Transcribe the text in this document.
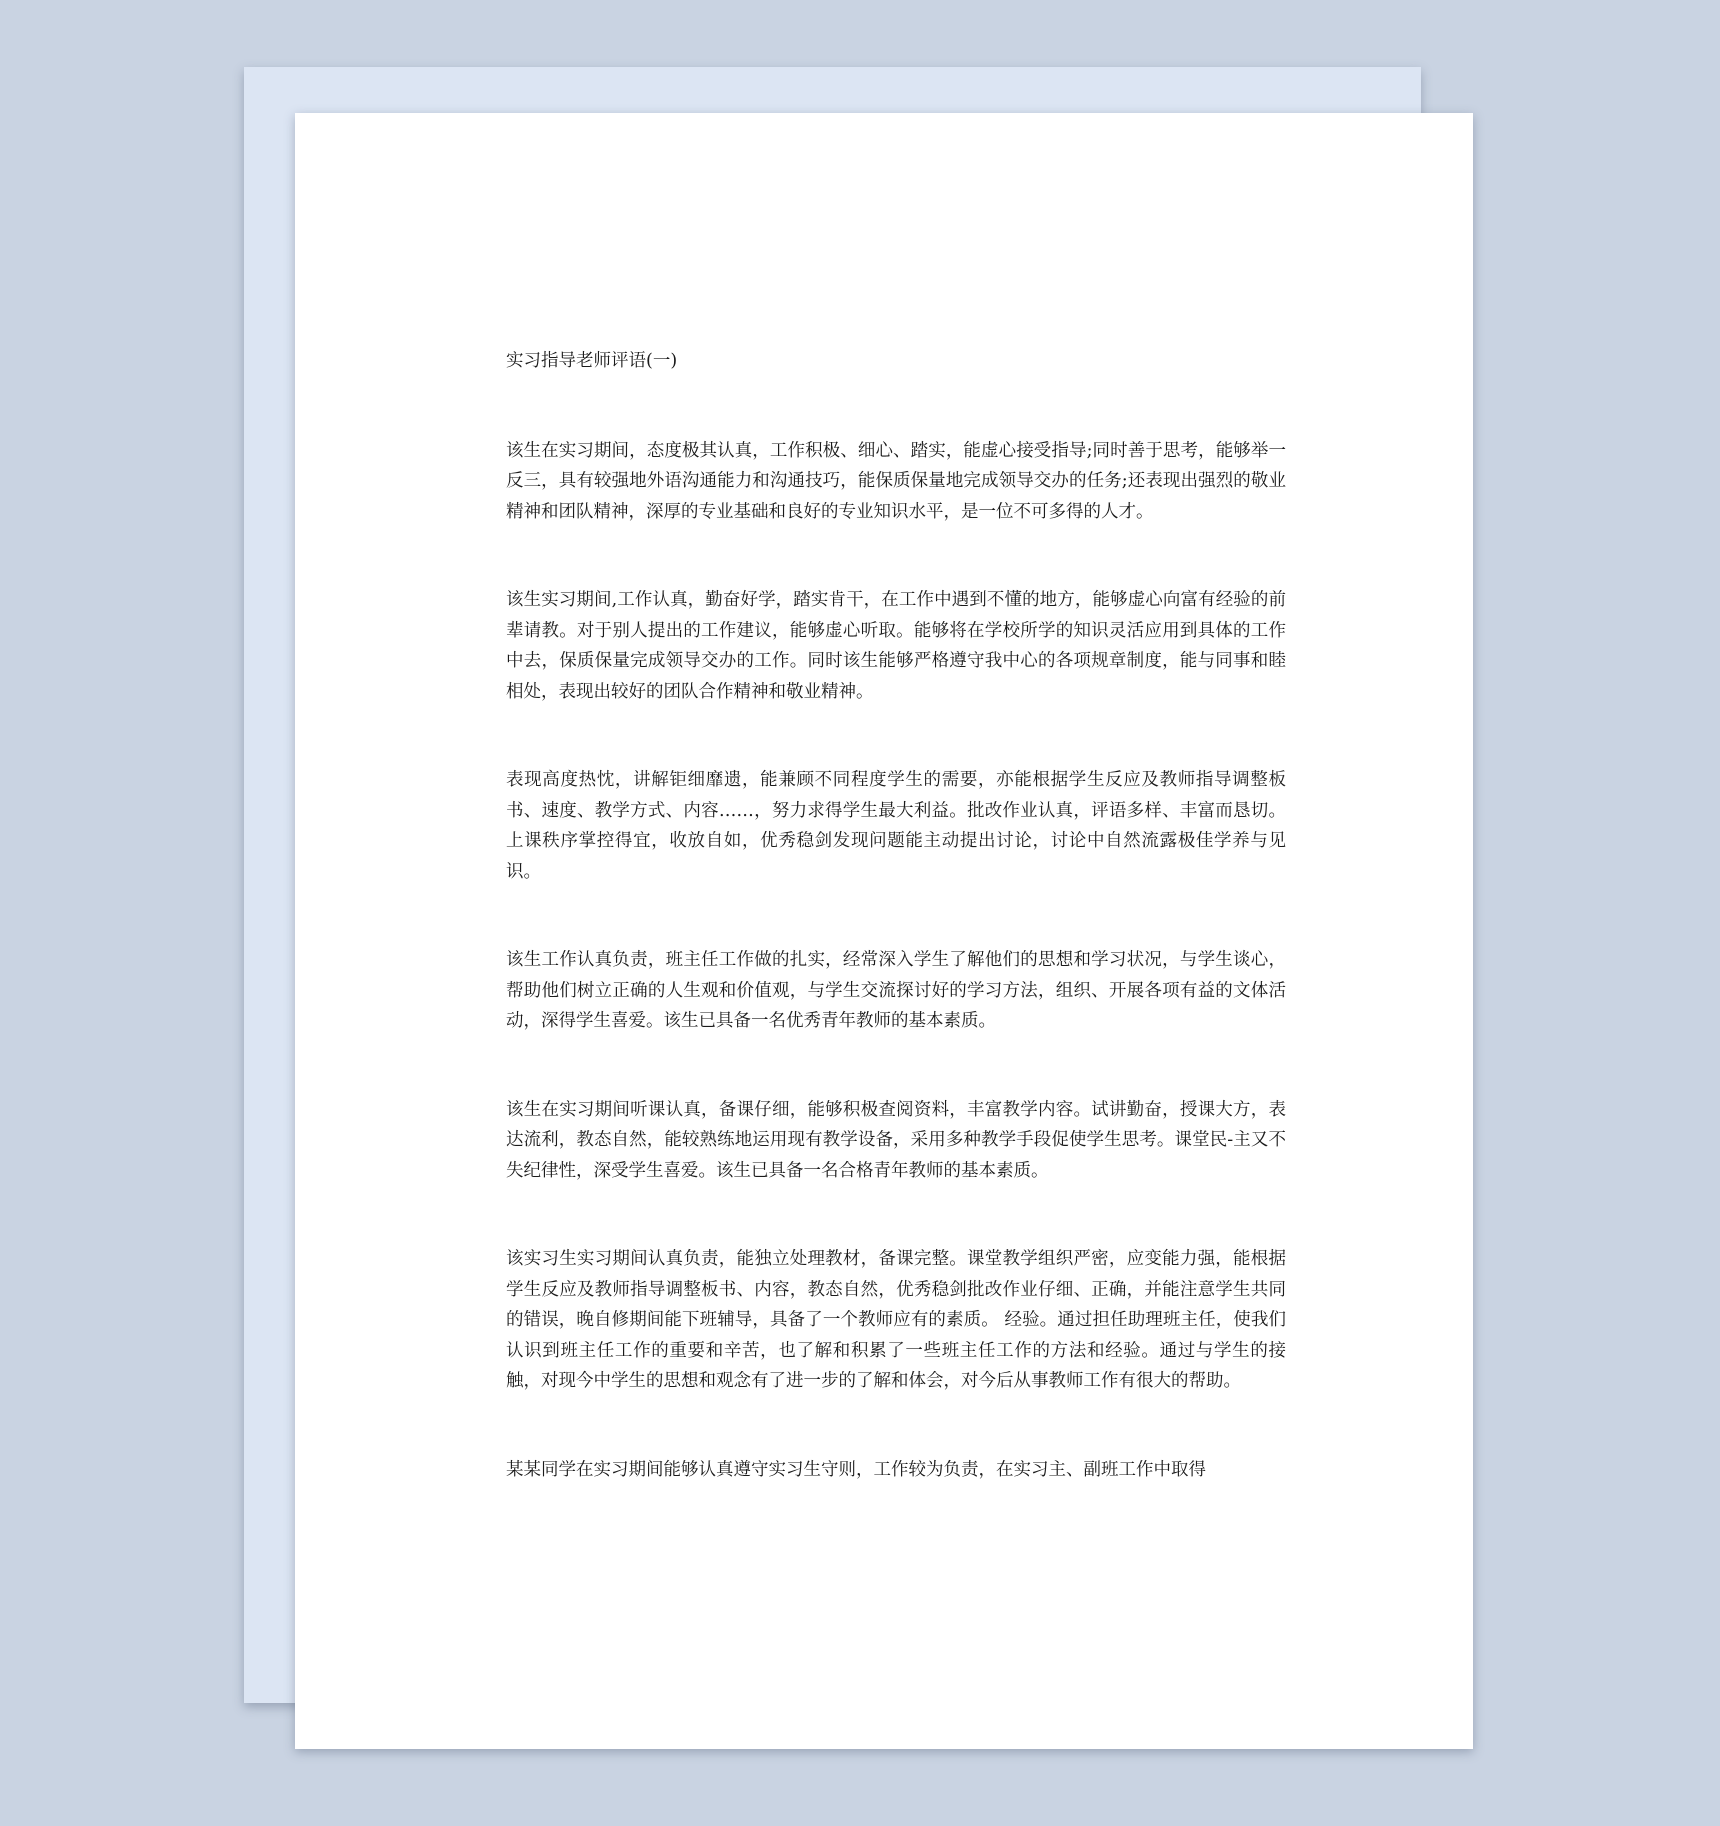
实习指导老师评语(一)

该生在实习期间，态度极其认真，工作积极、细心、踏实，能虚心接受指导;同时善于思考，能够举一反三，具有较强地外语沟通能力和沟通技巧，能保质保量地完成领导交办的任务;还表现出强烈的敬业精神和团队精神，深厚的专业基础和良好的专业知识水平，是一位不可多得的人才。

该生实习期间,工作认真，勤奋好学，踏实肯干，在工作中遇到不懂的地方，能够虚心向富有经验的前辈请教。对于别人提出的工作建议，能够虚心听取。能够将在学校所学的知识灵活应用到具体的工作中去，保质保量完成领导交办的工作。同时该生能够严格遵守我中心的各项规章制度，能与同事和睦相处，表现出较好的团队合作精神和敬业精神。

表现高度热忱，讲解钜细靡遗，能兼顾不同程度学生的需要，亦能根据学生反应及教师指导调整板书、速度、教学方式、内容……，努力求得学生最大利益。批改作业认真，评语多样、丰富而恳切。上课秩序掌控得宜，收放自如，优秀稳剑发现问题能主动提出讨论，讨论中自然流露极佳学养与见识。

该生工作认真负责，班主任工作做的扎实，经常深入学生了解他们的思想和学习状况，与学生谈心，帮助他们树立正确的人生观和价值观，与学生交流探讨好的学习方法，组织、开展各项有益的文体活动，深得学生喜爱。该生已具备一名优秀青年教师的基本素质。

该生在实习期间听课认真，备课仔细，能够积极查阅资料，丰富教学内容。试讲勤奋，授课大方，表达流利，教态自然，能较熟练地运用现有教学设备，采用多种教学手段促使学生思考。课堂民-主又不失纪律性，深受学生喜爱。该生已具备一名合格青年教师的基本素质。

该实习生实习期间认真负责，能独立处理教材，备课完整。课堂教学组织严密，应变能力强，能根据学生反应及教师指导调整板书、内容，教态自然，优秀稳剑批改作业仔细、正确，并能注意学生共同的错误，晚自修期间能下班辅导，具备了一个教师应有的素质。 经验。通过担任助理班主任，使我们认识到班主任工作的重要和辛苦，也了解和积累了一些班主任工作的方法和经验。通过与学生的接触，对现今中学生的思想和观念有了进一步的了解和体会，对今后从事教师工作有很大的帮助。

某某同学在实习期间能够认真遵守实习生守则，工作较为负责，在实习主、副班工作中取得
